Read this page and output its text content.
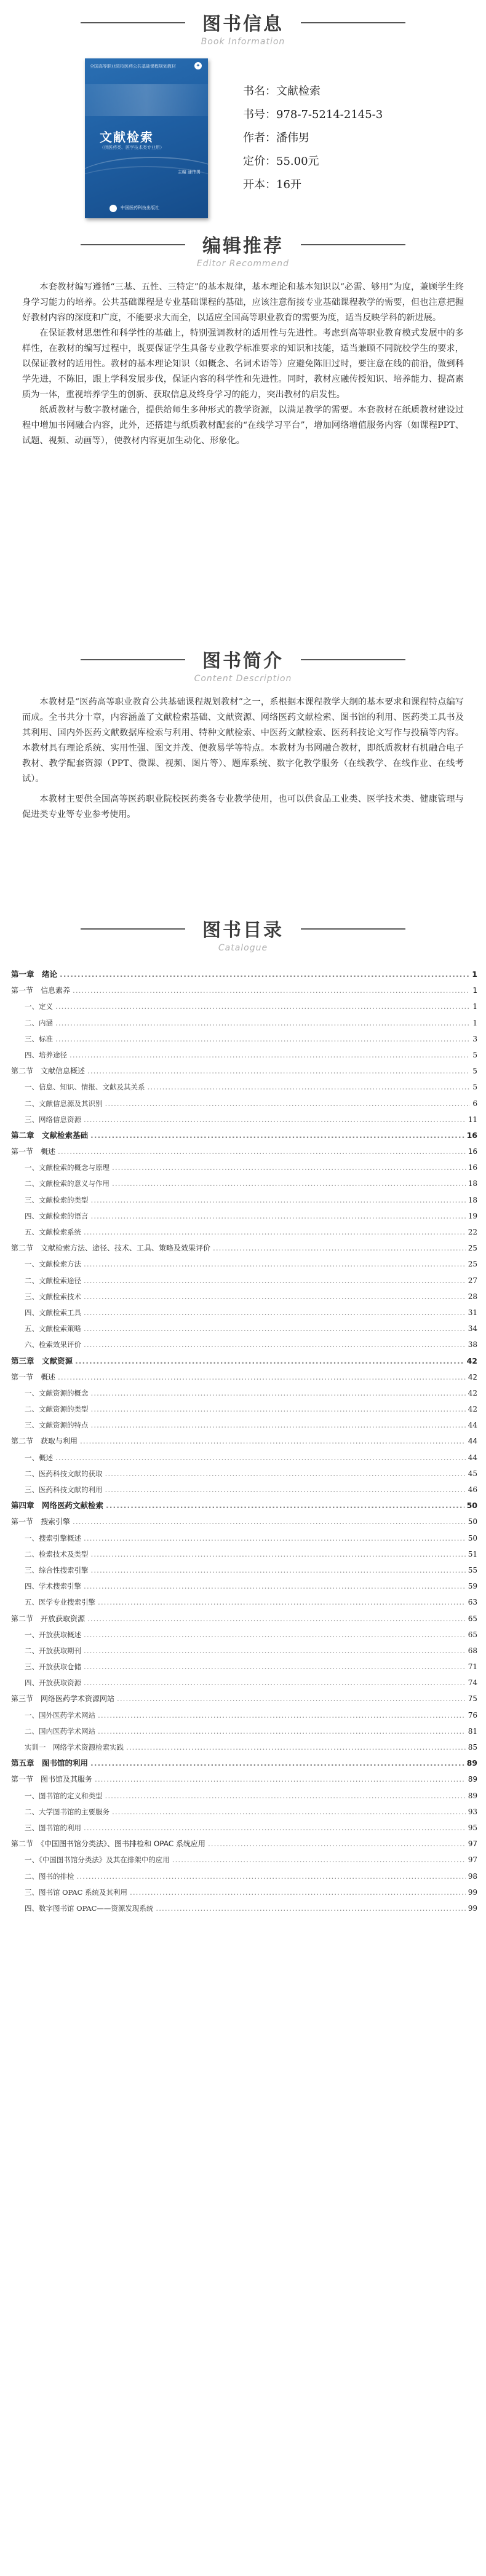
图书信息
Book Information
全国高等职业院校医药公共基础课程规划教材	✦
文献检索
（供医药类、医学技术类专业用）
主编 潘伟男
中国医药科技出版社
书名：文献检索
书号：978-7-5214-2145-3
作者：潘伟男
定价：55.00元
开本：16开
编辑推荐
Editor Recommend

本套教材编写遵循“三基、五性、三特定”的基本规律，基本理论和基本知识以“必需、够用”为度，兼顾学生终身学习能力的培养。公共基础课程是专业基础课程的基础，应该注意衔接专业基础课程教学的需要，但也注意把握好教材内容的深度和广度，不能要求大而全，以适应全国高等职业教育的需要为度，适当反映学科的新进展。

在保证教材思想性和科学性的基础上，特别强调教材的适用性与先进性。考虑到高等职业教育模式发展中的多样性，在教材的编写过程中，既要保证学生具备专业教学标准要求的知识和技能，适当兼顾不同院校学生的要求，以保证教材的适用性。教材的基本理论知识（如概念、名词术语等）应避免陈旧过时，要注意在线的前沿，做到科学先进，不陈旧，跟上学科发展步伐，保证内容的科学性和先进性。同时，教材应融传授知识、培养能力、提高素质为一体，重视培养学生的创新、获取信息及终身学习的能力，突出教材的启发性。

纸质教材与数字教材融合，提供给师生多种形式的教学资源，以满足教学的需要。本套教材在纸质教材建设过程中增加书网融合内容，此外，还搭建与纸质教材配套的“在线学习平台”，增加网络增值服务内容（如课程PPT、试题、视频、动画等），使教材内容更加生动化、形象化。

图书简介
Content Description

本教材是“医药高等职业教育公共基础课程规划教材”之一，系根据本课程教学大纲的基本要求和课程特点编写而成。全书共分十章，内容涵盖了文献检索基础、文献资源、网络医药文献检索、图书馆的利用、医药类工具书及其利用、国内外医药文献数据库检索与利用、特种文献检索、中医药文献检索、医药科技论文写作与投稿等内容。本教材具有理论系统、实用性强、图文并茂、便教易学等特点。本教材为书网融合教材，即纸质教材有机融合电子教材、教学配套资源（PPT、微课、视频、图片等）、题库系统、数字化教学服务（在线教学、在线作业、在线考试）。

本教材主要供全国高等医药职业院校医药类各专业教学使用，也可以供食品工业类、医学技术类、健康管理与促进类专业等专业参考使用。

图书目录
Catalogue
第一章　绪论 .....	1
第一节　信息素养 .....	1
一、定义 .....	1
二、内涵 .....	1
三、标准 .....	3
四、培养途径 .....	5
第二节　文献信息概述 .....	5
一、信息、知识、情报、文献及其关系 .....	5
二、文献信息源及其识别 .....	6
三、网络信息资源 .....	11
第二章　文献检索基础 .....	16
第一节　概述 .....	16
一、文献检索的概念与原理 .....	16
二、文献检索的意义与作用 .....	18
三、文献检索的类型 .....	18
四、文献检索的语言 .....	19
五、文献检索系统 .....	22
第二节　文献检索方法、途径、技术、工具、策略及效果评价 .....	25
一、文献检索方法 .....	25
二、文献检索途径 .....	27
三、文献检索技术 .....	28
四、文献检索工具 .....	31
五、文献检索策略 .....	34
六、检索效果评价 .....	38
第三章　文献资源 .....	42
第一节　概述 .....	42
一、文献资源的概念 .....	42
二、文献资源的类型 .....	42
三、文献资源的特点 .....	44
第二节　获取与利用 .....	44
一、概述 .....	44
二、医药科技文献的获取 .....	45
三、医药科技文献的利用 .....	46
第四章　网络医药文献检索 .....	50
第一节　搜索引擎 .....	50
一、搜索引擎概述 .....	50
二、检索技术及类型 .....	51
三、综合性搜索引擎 .....	55
四、学术搜索引擎 .....	59
五、医学专业搜索引擎 .....	63
第二节　开放获取资源 .....	65
一、开放获取概述 .....	65
二、开放获取期刊 .....	68
三、开放获取仓储 .....	71
四、开放获取资源 .....	74
第三节　网络医药学术资源网站 .....	75
一、国外医药学术网站 .....	76
二、国内医药学术网站 .....	81
实训一　网络学术资源检索实践 .....	85
第五章　图书馆的利用 .....	89
第一节　图书馆及其服务 .....	89
一、图书馆的定义和类型 .....	89
二、大学图书馆的主要服务 .....	93
三、图书馆的利用 .....	95
第二节　《中国图书馆分类法》、图书排检和 OPAC 系统应用 .....	97
一、《中国图书馆分类法》及其在排架中的应用 .....	97
二、图书的排检 .....	98
三、图书馆 OPAC 系统及其利用 .....	99
四、数字图书馆 OPAC——资源发现系统 .....	99
